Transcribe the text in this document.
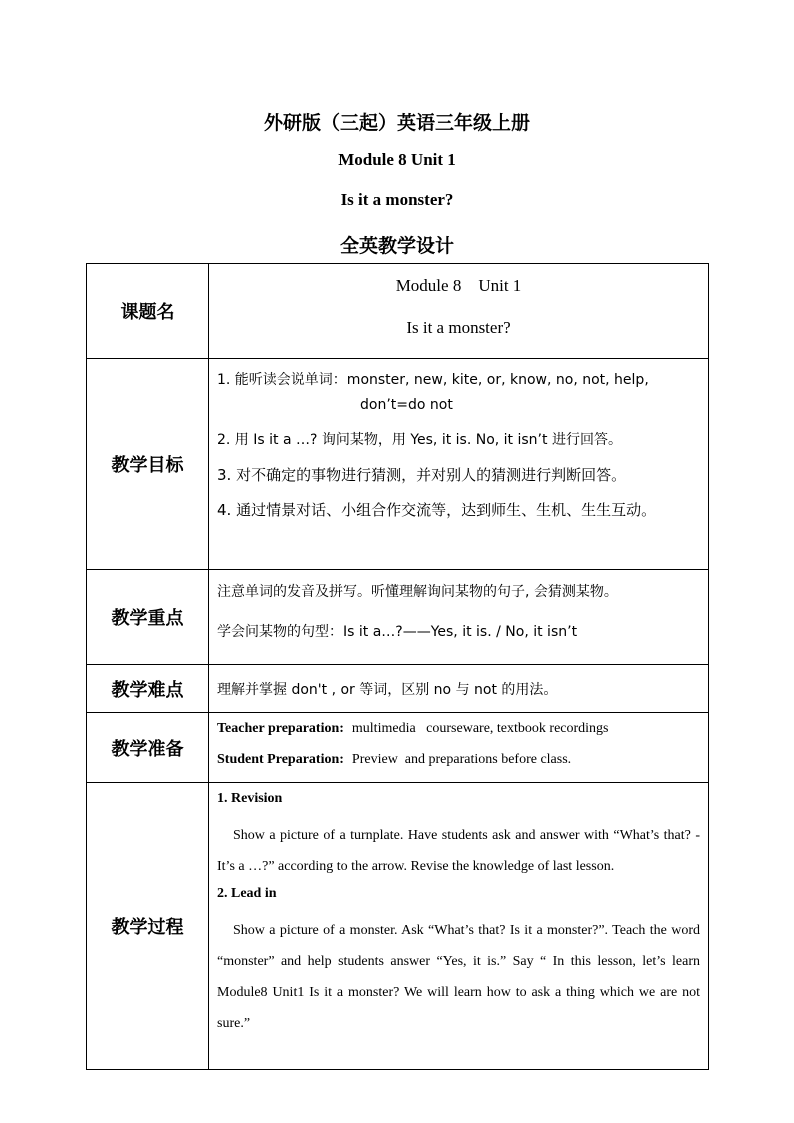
外研版（三起）英语三年级上册
Module 8 Unit 1
Is it a monster?
全英教学设计
课题名	Module 8    Unit 1
Is it a monster?

教学目标	1. 能听读会说单词：monster, new, kite, or, know, no, not, help,
don’t=do not
2. 用 Is it a …? 询问某物，用 Yes, it is. No, it isn’t 进行回答。
3. 对不确定的事物进行猜测，并对别人的猜测进行判断回答。
4. 通过情景对话、小组合作交流等，达到师生、生机、生生互动。

教学重点	注意单词的发音及拼写。听懂理解询问某物的句子, 会猜测某物。
学会问某物的句型：Is it a…?——Yes, it is. / No, it isn’t

教学难点	理解并掌握 don't , or 等词，区别 no 与 not 的用法。
教学准备	Teacher preparation: multimedia   courseware, textbook recordings
Student Preparation: Preview  and preparations before class.

教学过程	1. Revision
Show a picture of a turnplate. Have students ask and answer with “What’s that? - It’s a …?” according to the arrow. Revise the knowledge of last lesson.
2. Lead in
Show a picture of a monster. Ask “What’s that? Is it a monster?”. Teach the word “monster” and help students answer “Yes, it is.” Say “ In this lesson, let’s learn Module8 Unit1 Is it a monster? We will learn how to ask a thing which we are not sure.”
